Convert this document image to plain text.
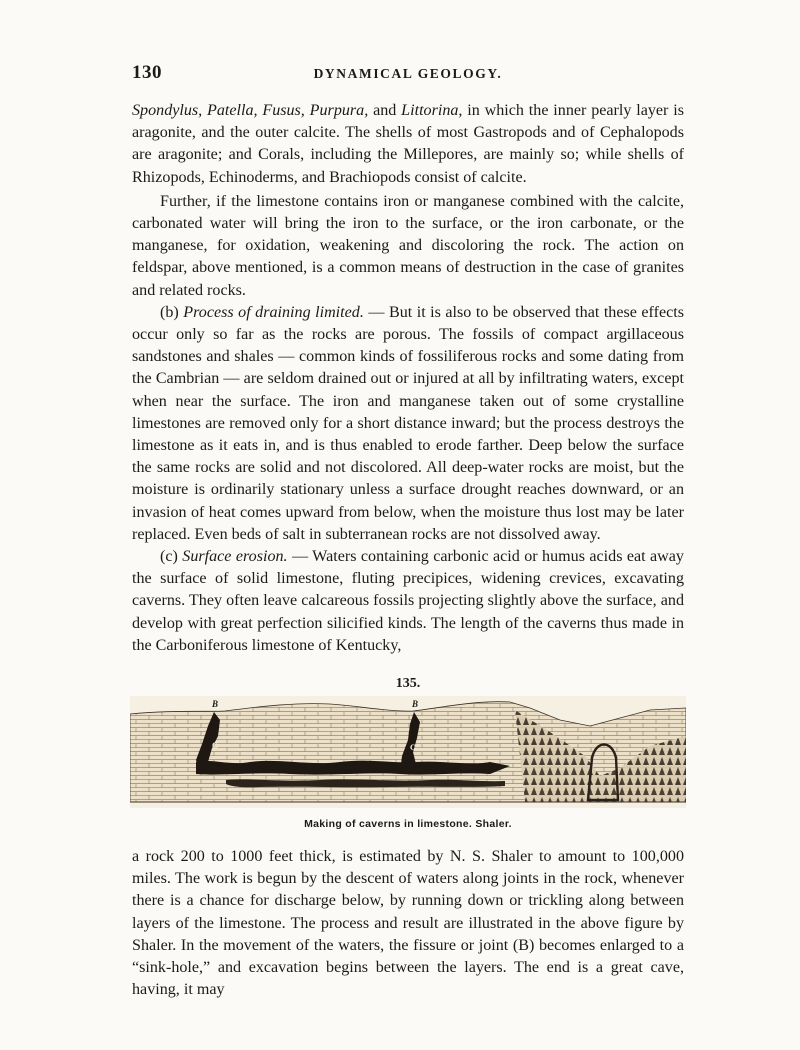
130	DYNAMICAL GEOLOGY.

Spondylus, Patella, Fusus, Purpura, and Littorina, in which the inner pearly layer is aragonite, and the outer calcite. The shells of most Gastropods and of Cephalopods are aragonite; and Corals, including the Millepores, are mainly so; while shells of Rhizopods, Echinoderms, and Brachiopods consist of calcite.

Further, if the limestone contains iron or manganese combined with the calcite, carbonated water will bring the iron to the surface, or the iron carbonate, or the manganese, for oxidation, weakening and discoloring the rock. The action on feldspar, above mentioned, is a common means of destruction in the case of granites and related rocks.

(b) Process of draining limited. — But it is also to be observed that these effects occur only so far as the rocks are porous. The fossils of compact argillaceous sandstones and shales — common kinds of fossiliferous rocks and some dating from the Cambrian — are seldom drained out or injured at all by infiltrating waters, except when near the surface. The iron and manganese taken out of some crystalline limestones are removed only for a short distance inward; but the process destroys the limestone as it eats in, and is thus enabled to erode farther. Deep below the surface the same rocks are solid and not discolored. All deep-water rocks are moist, but the moisture is ordinarily stationary unless a surface drought reaches downward, or an invasion of heat comes upward from below, when the moisture thus lost may be later replaced. Even beds of salt in subterranean rocks are not dissolved away.

(c) Surface erosion. — Waters containing carbonic acid or humus acids eat away the surface of solid limestone, fluting precipices, widening crevices, excavating caverns. They often leave calcareous fossils projecting slightly above the surface, and develop with great perfection silicified kinds. The length of the caverns thus made in the Carboniferous limestone of Kentucky,

135.
B	B
C	C
Making of caverns in limestone. Shaler.

a rock 200 to 1000 feet thick, is estimated by N. S. Shaler to amount to 100,000 miles. The work is begun by the descent of waters along joints in the rock, whenever there is a chance for discharge below, by running down or trickling along between layers of the limestone. The process and result are illustrated in the above figure by Shaler. In the movement of the waters, the fissure or joint (B) becomes enlarged to a “sink-hole,” and excavation begins between the layers. The end is a great cave, having, it may
